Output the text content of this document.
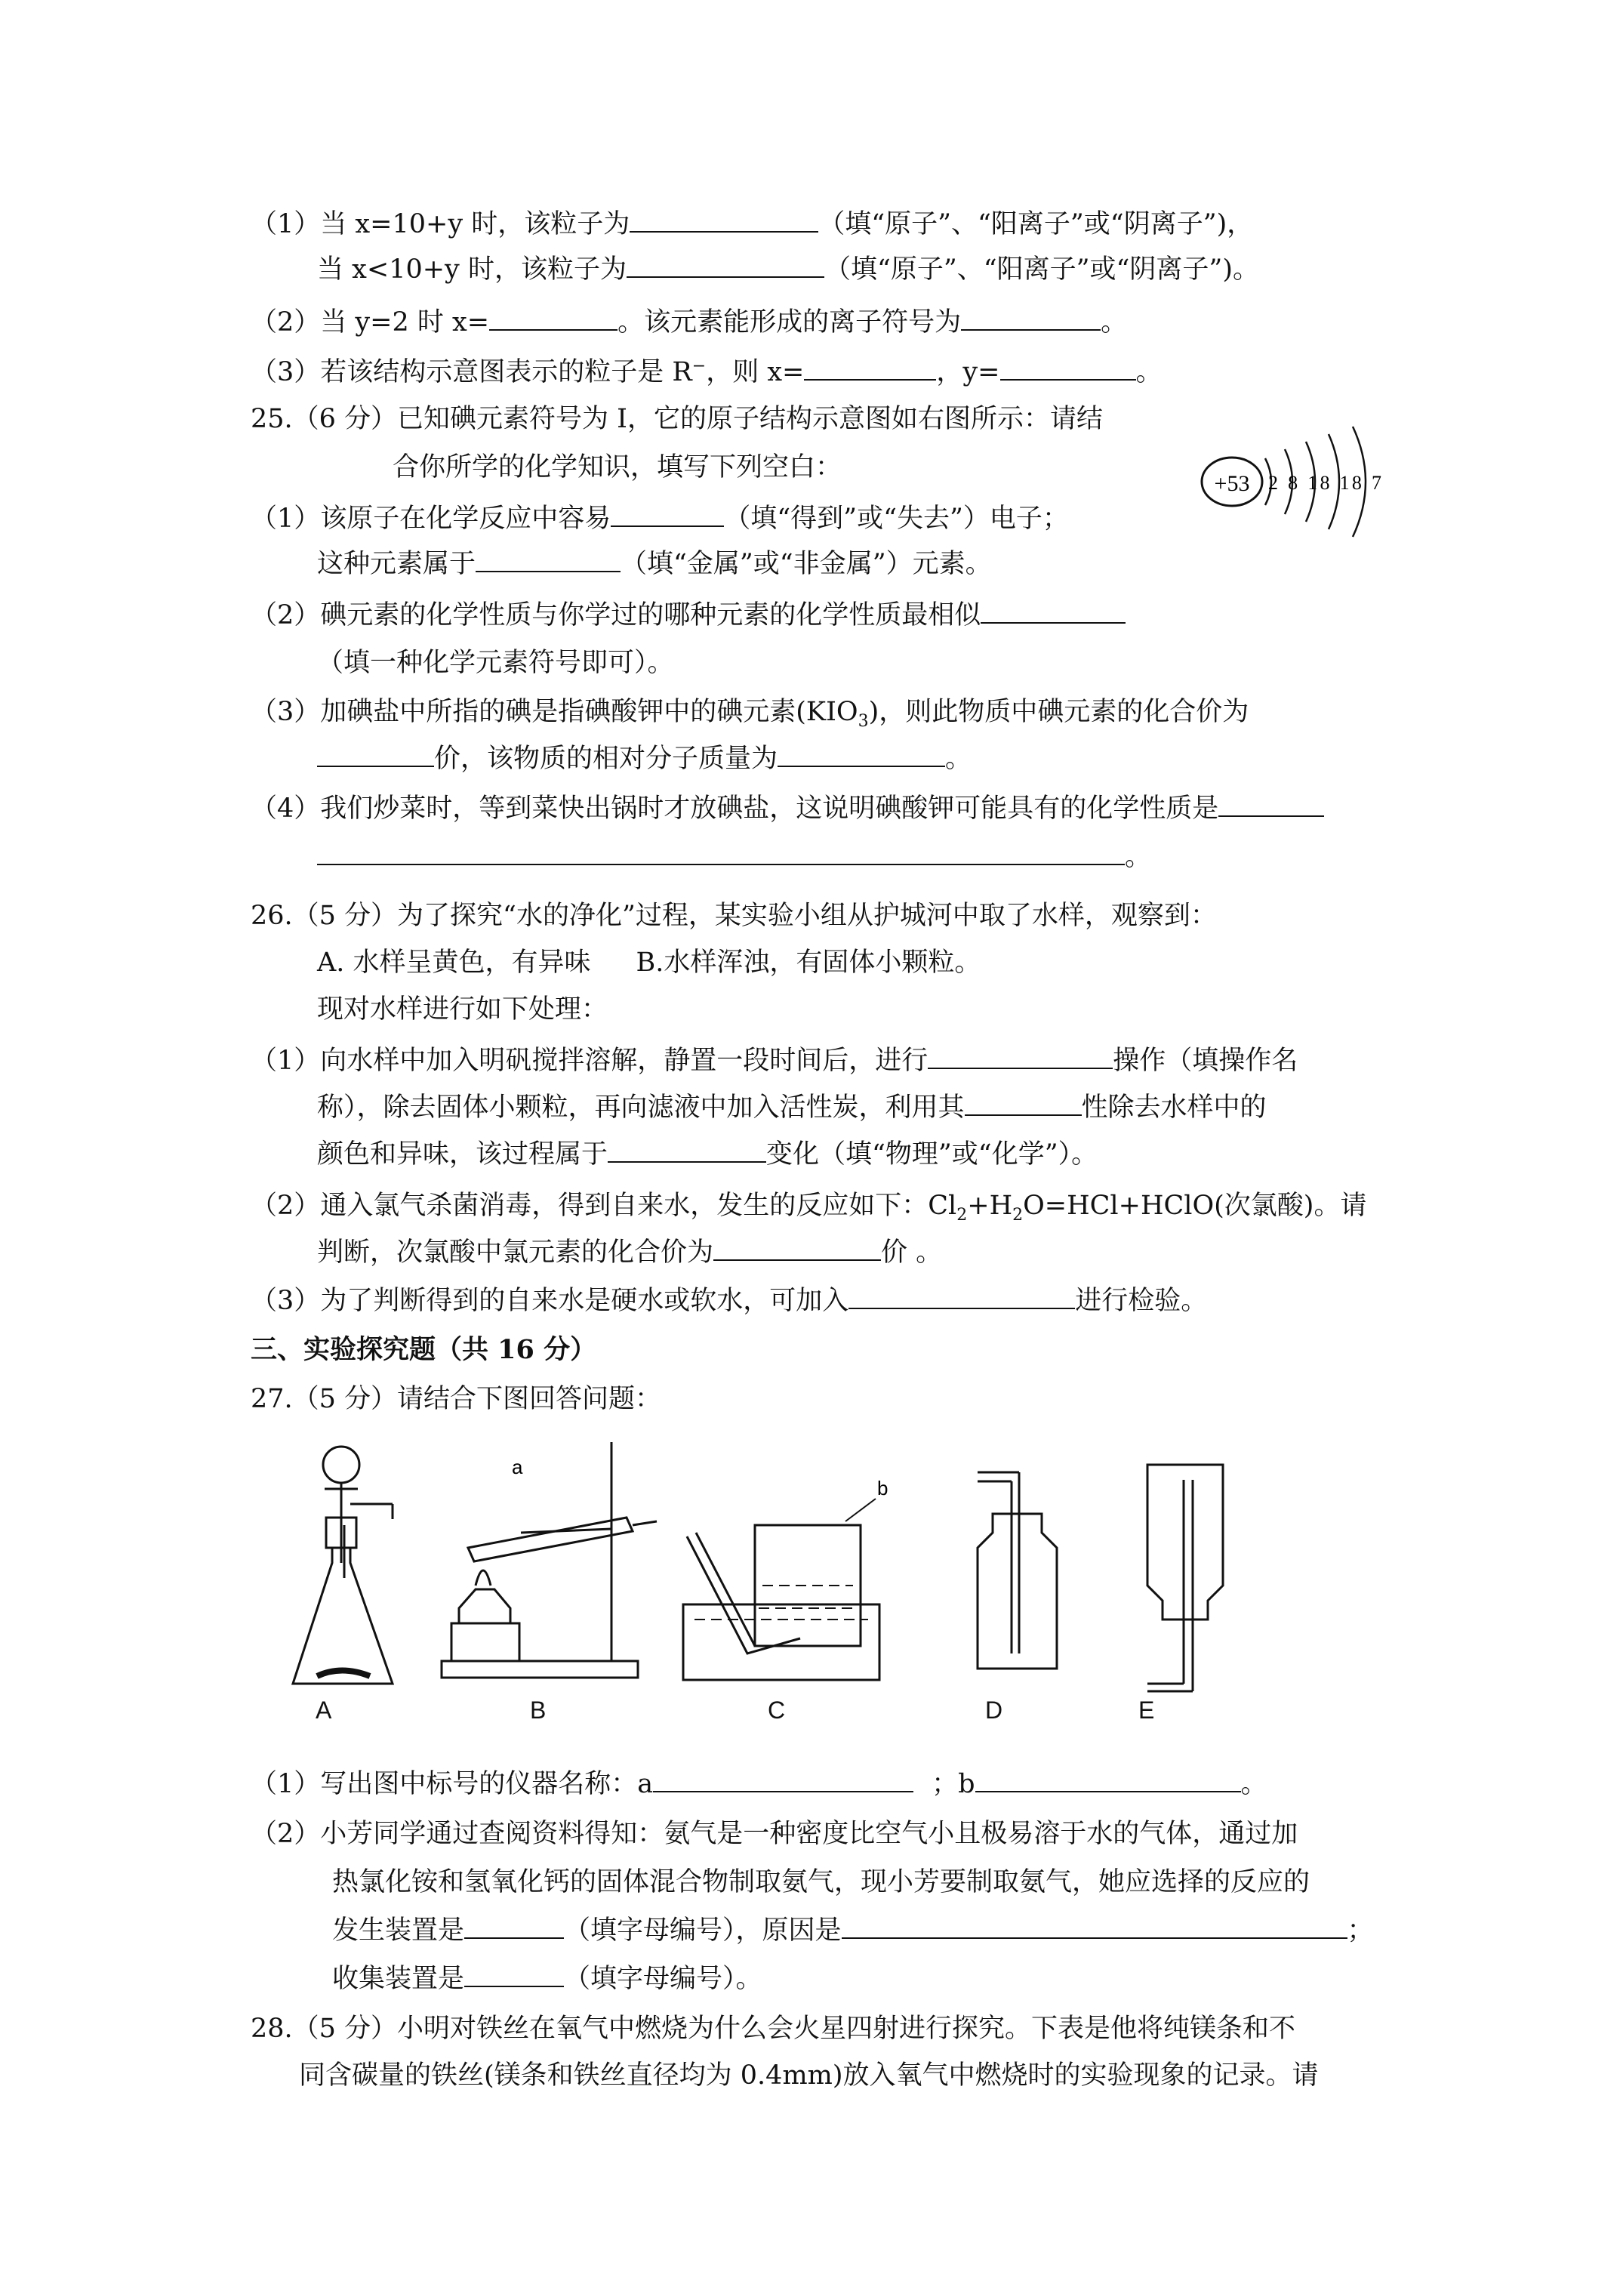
（1）当 x=10+y 时，该粒子为	（填“原子”、“阳离子”或“阴离子”)，
当 x<10+y 时，该粒子为	（填“原子”、“阳离子”或“阴离子”)。
（2）当 y=2 时 x=	。该元素能形成的离子符号为	。
（3）若该结构示意图表示的粒子是 R−，则 x=	，y=	。
25.（6 分）已知碘元素符号为 I，它的原子结构示意图如右图所示：请结
合你所学的化学知识，填写下列空白：
+53 2 8 18 18 7
（1）该原子在化学反应中容易	（填“得到”或“失去”）电子；
这种元素属于	（填“金属”或“非金属”）元素。
（2）碘元素的化学性质与你学过的哪种元素的化学性质最相似
（填一种化学元素符号即可）。
（3）加碘盐中所指的碘是指碘酸钾中的碘元素$(KIO_3)$，则此物质中碘元素的化合价为
价，该物质的相对分子质量为	。
（4）我们炒菜时，等到菜快出锅时才放碘盐，这说明碘酸钾可能具有的化学性质是
。
26.（5 分）为了探究“水的净化”过程，某实验小组从护城河中取了水样，观察到：
A. 水样呈黄色，有异味 B.水样浑浊，有固体小颗粒。
现对水样进行如下处理：
（1）向水样中加入明矾搅拌溶解，静置一段时间后，进行	操作（填操作名
称），除去固体小颗粒，再向滤液中加入活性炭，利用其	性除去水样中的
颜色和异味，该过程属于	变化（填“物理”或“化学”）。
（2）通入氯气杀菌消毒，得到自来水，发生的反应如下：$Cl_2+H_2O=HCl+HClO$(次氯酸)。请
判断，次氯酸中氯元素的化合价为	价 。
（3）为了判断得到的自来水是硬水或软水，可加入	进行检验。
三、实验探究题（共 16 分）
27.（5 分）请结合下图回答问题：
a
b
A	B	C	D	E
（1）写出图中标号的仪器名称：a	；b	。
（2）小芳同学通过查阅资料得知：氨气是一种密度比空气小且极易溶于水的气体，通过加
热氯化铵和氢氧化钙的固体混合物制取氨气，现小芳要制取氨气，她应选择的反应的
发生装置是	（填字母编号），原因是	；
收集装置是	（填字母编号）。
28.（5 分）小明对铁丝在氧气中燃烧为什么会火星四射进行探究。下表是他将纯镁条和不
同含碳量的铁丝(镁条和铁丝直径均为 0.4mm)放入氧气中燃烧时的实验现象的记录。请
